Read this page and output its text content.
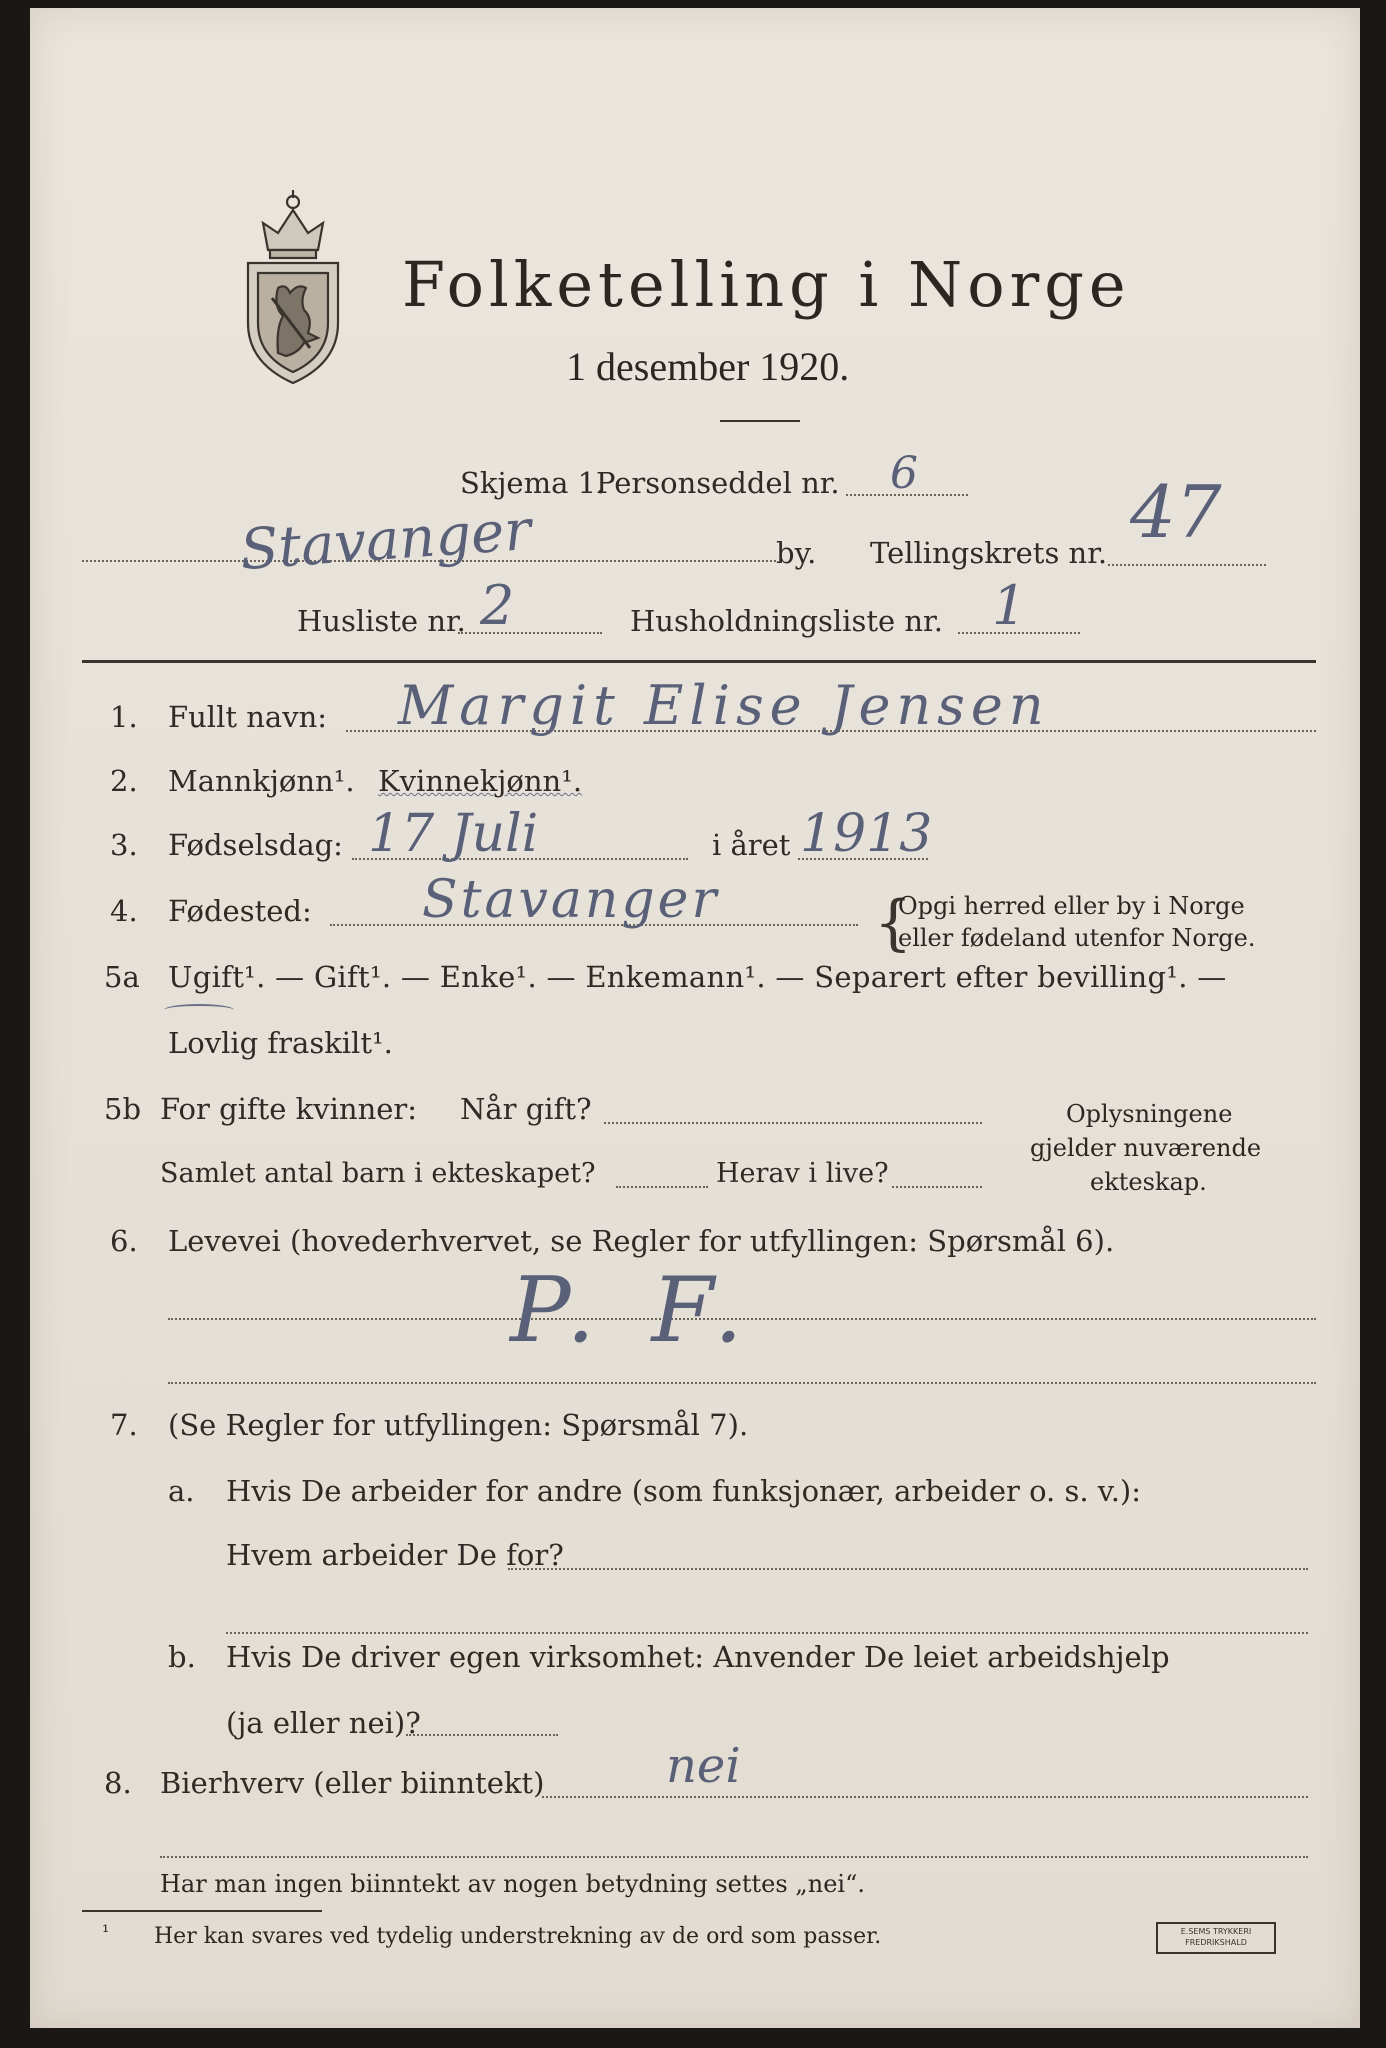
Folketelling i Norge
1 desember 1920.
Skjema 1.
Personseddel nr. 6
Stavanger	by. Tellingskrets nr. 47
Husliste nr. 2	Husholdningsliste nr. 1
1. Fullt navn: Margit Elise Jensen
2. Mannkjønn¹. Kvinnekjønn¹.
3. Fødselsdag: 17 Juli	i året 1913
4. Fødested: Stavanger	{
Opgi herred eller by i Norge
eller fødeland utenfor Norge.
5a Ugift¹. — Gift¹. — Enke¹. — Enkemann¹. — Separert efter bevilling¹. —
Lovlig fraskilt¹.
5b For gifte kvinner: Når gift?
Samlet antal barn i ekteskapet?	Herav i live?
Oplysningene
gjelder nuværende
ekteskap.
6. Levevei (hovederhvervet, se Regler for utfyllingen: Spørsmål 6).
P. F.
7. (Se Regler for utfyllingen: Spørsmål 7).
a. Hvis De arbeider for andre (som funksjonær, arbeider o. s. v.):
Hvem arbeider De for?
b. Hvis De driver egen virksomhet: Anvender De leiet arbeidshjelp
(ja eller nei)?
8. Bierhverv (eller biinntekt)	nei
Har man ingen biinntekt av nogen betydning settes „nei“.
¹ Her kan svares ved tydelig understrekning av de ord som passer.	E.SEMS TRYKKERI
FREDRIKSHALD
